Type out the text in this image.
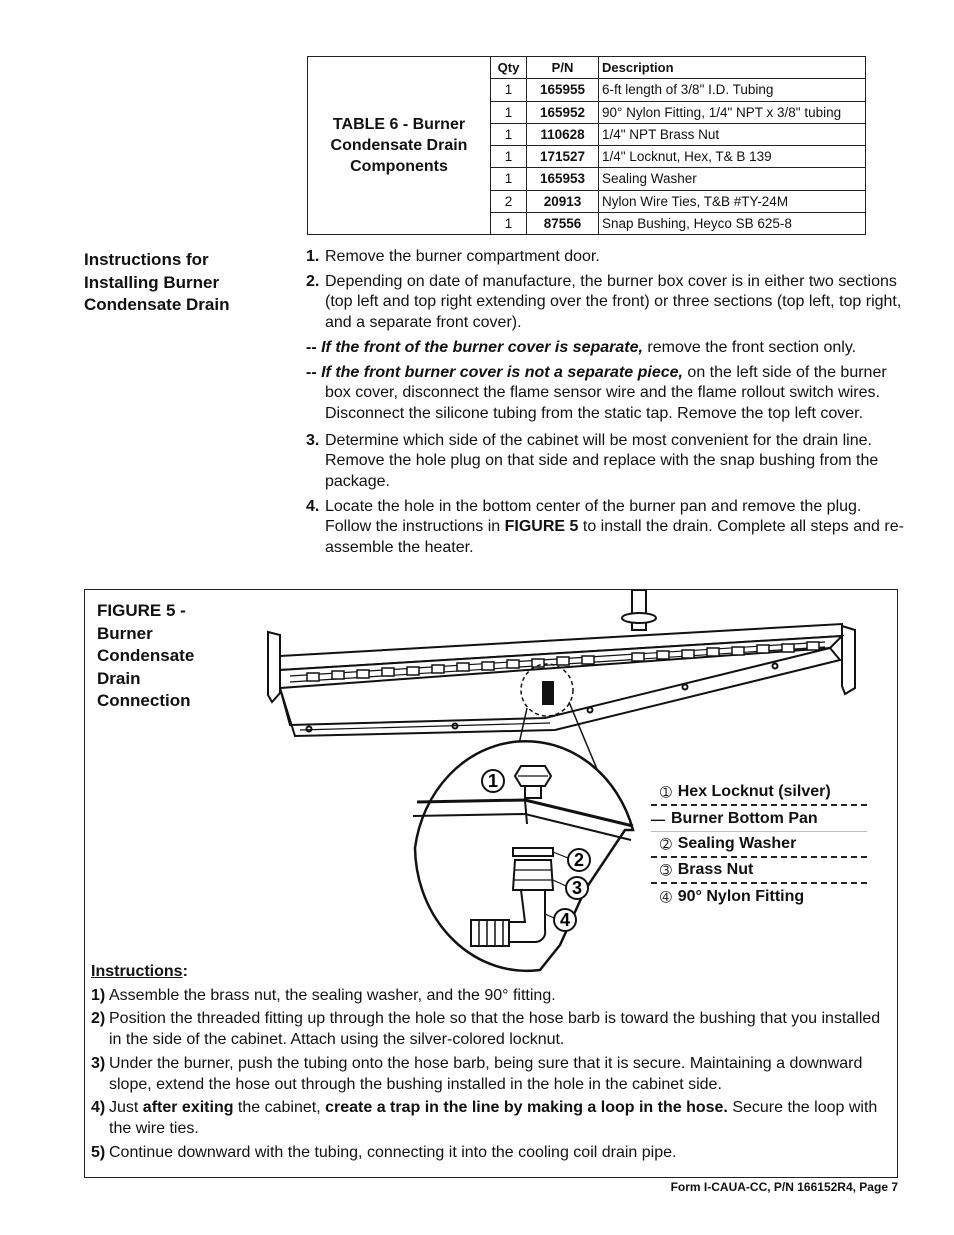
TABLE 6 - Burner Condensate Drain Components
Qty	P/N	Description
1	165955	6-ft length of 3/8" I.D. Tubing
1	165952	90° Nylon Fitting, 1/4" NPT x 3/8" tubing
1	110628	1/4" NPT Brass Nut
1	171527	1/4" Locknut, Hex, T& B 139
1	165953	Sealing Washer
2	20913	Nylon Wire Ties, T&B #TY-24M
1	87556	Snap Bushing, Heyco SB 625-8
Instructions for Installing Burner Condensate Drain
1. Remove the burner compartment door.
2. Depending on date of manufacture, the burner box cover is in either two sections (top left and top right extending over the front) or three sections (top left, top right, and a separate front cover).
-- If the front of the burner cover is separate, remove the front section only.
-- If the front burner cover is not a separate piece, on the left side of the burner box cover, disconnect the flame sensor wire and the flame rollout switch wires. Disconnect the silicone tubing from the static tap. Remove the top left cover.
3. Determine which side of the cabinet will be most convenient for the drain line. Remove the hole plug on that side and replace with the snap bushing from the package.
4. Locate the hole in the bottom center of the burner pan and remove the plug. Follow the instructions in FIGURE 5 to install the drain. Complete all steps and re-assemble the heater.
FIGURE 5 - Burner Condensate Drain Connection
1
2
3
4
➀ Hex Locknut (silver)
— Burner Bottom Pan
➁ Sealing Washer
➂ Brass Nut
➃ 90° Nylon Fitting
Instructions:
1) Assemble the brass nut, the sealing washer, and the 90° fitting.
2) Position the threaded fitting up through the hole so that the hose barb is toward the bushing that you installed in the side of the cabinet. Attach using the silver-colored locknut.
3) Under the burner, push the tubing onto the hose barb, being sure that it is secure. Maintaining a downward slope, extend the hose out through the bushing installed in the hole in the cabinet side.
4) Just after exiting the cabinet, create a trap in the line by making a loop in the hose. Secure the loop with the wire ties.
5) Continue downward with the tubing, connecting it into the cooling coil drain pipe.
Form I-CAUA-CC, P/N 166152R4, Page 7
